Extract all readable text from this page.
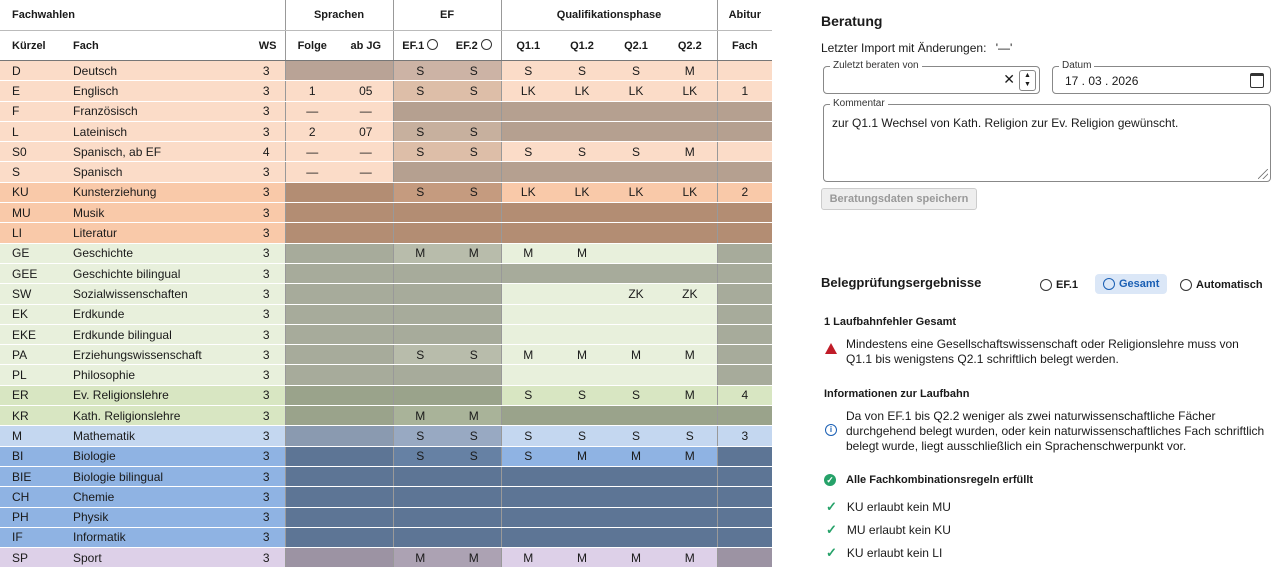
Fachwahlen			Sprachen		EF		Qualifikationsphase				Abitur
Kürzel	Fach	WS	Folge	ab JG	EF.1	EF.2	Q1.1	Q1.2	Q2.1	Q2.2	Fach
D	Deutsch	3			S	S	S	S	S	M	
E	Englisch	3	1	05	S	S	LK	LK	LK	LK	1
F	Französisch	3	—	—							
L	Lateinisch	3	2	07	S	S					
S0	Spanisch, ab EF	4	—	—	S	S	S	S	S	M	
S	Spanisch	3	—	—							
KU	Kunsterziehung	3			S	S	LK	LK	LK	LK	2
MU	Musik	3									
LI	Literatur	3									
GE	Geschichte	3			M	M	M	M			
GEE	Geschichte bilingual	3									
SW	Sozialwissenschaften	3							ZK	ZK	
EK	Erdkunde	3									
EKE	Erdkunde bilingual	3									
PA	Erziehungswissenschaft	3			S	S	M	M	M	M	
PL	Philosophie	3									
ER	Ev. Religionslehre	3					S	S	S	M	4
KR	Kath. Religionslehre	3			M	M					
M	Mathematik	3			S	S	S	S	S	S	3
BI	Biologie	3			S	S	S	M	M	M	
BIE	Biologie bilingual	3									
CH	Chemie	3									
PH	Physik	3									
IF	Informatik	3									
SP	Sport	3			M	M	M	M	M	M	
Beratung
Letzter Import mit Änderungen: '—'
Zuletzt beraten von
✕	▲
▼
Datum
17 . 03 . 2026
Kommentar
zur Q1.1 Wechsel von Kath. Religion zur Ev. Religion gewünscht.
Beratungsdaten speichern
Belegprüfungsergebnisse	EF.1	Gesamt	Automatisch
1 Laufbahnfehler Gesamt
Mindestens eine Gesellschaftswissenschaft oder Religionslehre muss von Q1.1 bis wenigstens Q2.1 schriftlich belegt werden.
Informationen zur Laufbahn
i
Da von EF.1 bis Q2.2 weniger als zwei naturwissenschaftliche Fächer durchgehend belegt wurden, oder kein naturwissenschaftliches Fach schriftlich belegt wurde, liegt ausschließlich ein Sprachenschwerpunkt vor.
✓ Alle Fachkombinationsregeln erfüllt
✓ KU erlaubt kein MU
✓ MU erlaubt kein KU
✓ KU erlaubt kein LI
